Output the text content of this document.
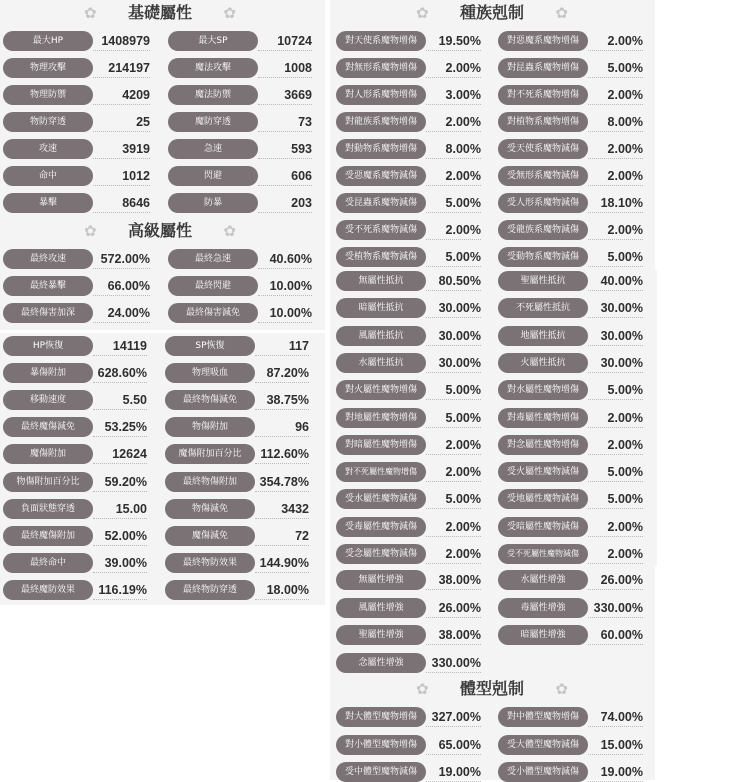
✿	基礎屬性	✿
✿	高級屬性	✿
✿	種族剋制	✿
✿	體型剋制	✿
最大HP	1408979	最大SP	10724
物理攻擊	214197	魔法攻擊	1008
物理防禦	4209	魔法防禦	3669
物防穿透	25	魔防穿透	73
攻速	3919	急速	593
命中	1012	閃避	606
暴擊	8646	防暴	203
最終攻速	572.00%	最終急速	40.60%
最終暴擊	66.00%	最終閃避	10.00%
最終傷害加深	24.00%	最終傷害減免	10.00%
HP恢復	14119	SP恢復	117
暴傷附加	628.60%	物理吸血	87.20%
移動速度	5.50	最終物傷減免	38.75%
最終魔傷減免	53.25%	物傷附加	96
魔傷附加	12624	魔傷附加百分比	112.60%
物傷附加百分比	59.20%	最終物傷附加	354.78%
負面狀態穿透	15.00	物傷減免	3432
最終魔傷附加	52.00%	魔傷減免	72
最終命中	39.00%	最終物防效果	144.90%
最終魔防效果	116.19%	最終物防穿透	18.00%
對天使系魔物增傷	19.50%	對惡魔系魔物增傷	2.00%
對無形系魔物增傷	2.00%	對昆蟲系魔物增傷	5.00%
對人形系魔物增傷	3.00%	對不死系魔物增傷	2.00%
對龍族系魔物增傷	2.00%	對植物系魔物增傷	8.00%
對動物系魔物增傷	8.00%	受天使系魔物減傷	2.00%
受惡魔系魔物減傷	2.00%	受無形系魔物減傷	2.00%
受昆蟲系魔物減傷	5.00%	受人形系魔物減傷	18.10%
受不死系魔物減傷	2.00%	受龍族系魔物減傷	2.00%
受植物系魔物減傷	5.00%	受動物系魔物減傷	5.00%
無屬性抵抗	80.50%	聖屬性抵抗	40.00%
暗屬性抵抗	30.00%	不死屬性抵抗	30.00%
風屬性抵抗	30.00%	地屬性抵抗	30.00%
水屬性抵抗	30.00%	火屬性抵抗	30.00%
對火屬性魔物增傷	5.00%	對水屬性魔物增傷	5.00%
對地屬性魔物增傷	5.00%	對毒屬性魔物增傷	2.00%
對暗屬性魔物增傷	2.00%	對念屬性魔物增傷	2.00%
對不死屬性魔物增傷	2.00%	受火屬性魔物減傷	5.00%
受水屬性魔物減傷	5.00%	受地屬性魔物減傷	5.00%
受毒屬性魔物減傷	2.00%	受暗屬性魔物減傷	2.00%
受念屬性魔物減傷	2.00%	受不死屬性魔物減傷	2.00%
無屬性增強	38.00%	水屬性增強	26.00%
風屬性增強	26.00%	毒屬性增強	330.00%
聖屬性增強	38.00%	暗屬性增強	60.00%
念屬性增強	330.00%
對大體型魔物增傷	327.00%	對中體型魔物增傷	74.00%
對小體型魔物增傷	65.00%	受大體型魔物減傷	15.00%
受中體型魔物減傷	19.00%	受小體型魔物減傷	19.00%
